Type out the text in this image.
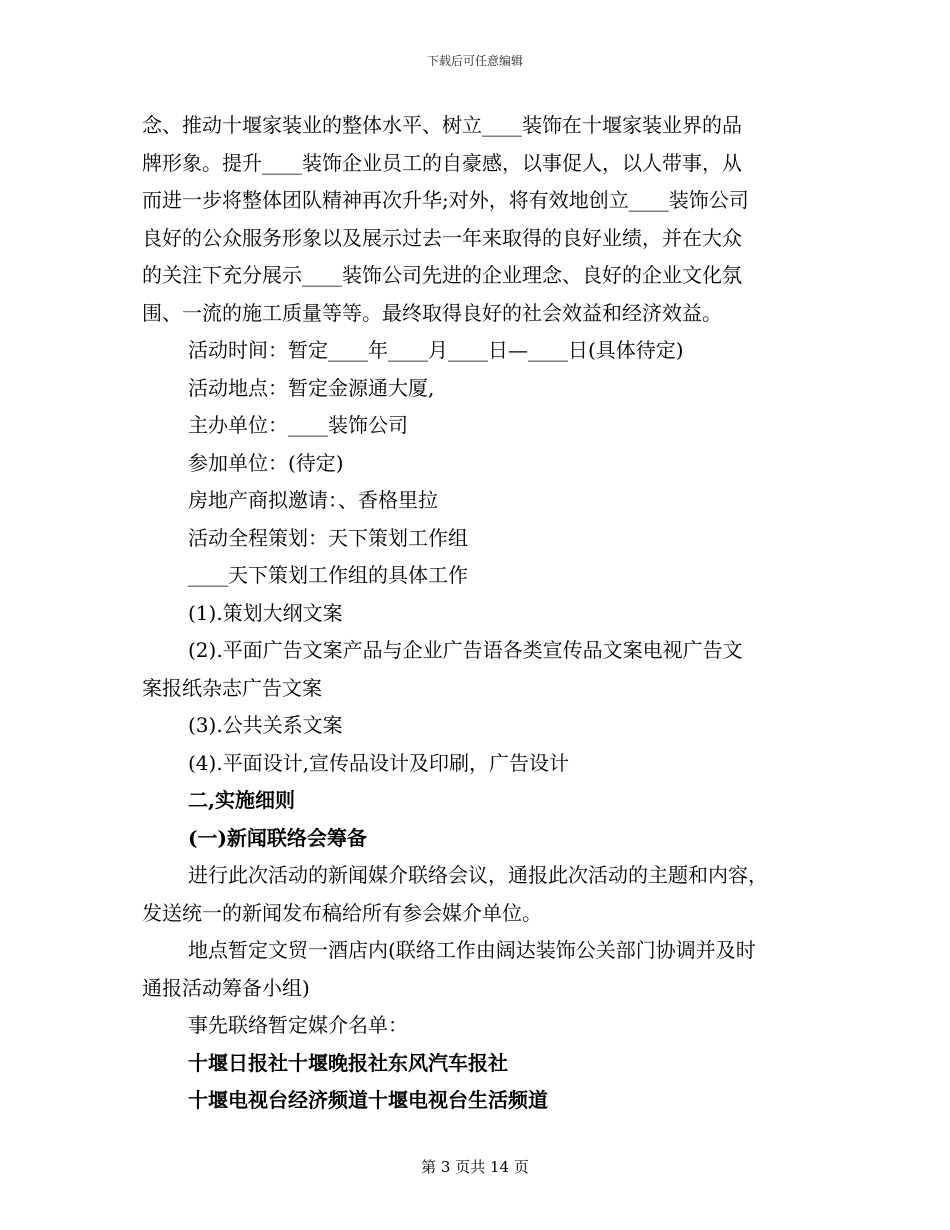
下载后可任意编辑
念、推动十堰家装业的整体水平、树立____装饰在十堰家装业界的品
牌形象。提升____装饰企业员工的自豪感，以事促人，以人带事，从
而进一步将整体团队精神再次升华;对外，将有效地创立____装饰公司
良好的公众服务形象以及展示过去一年来取得的良好业绩，并在大众
的关注下充分展示____装饰公司先进的企业理念、良好的企业文化氛
围、一流的施工质量等等。最终取得良好的社会效益和经济效益。
活动时间：暂定____年____月____日—____日(具体待定)
活动地点：暂定金源通大厦,
主办单位：____装饰公司
参加单位：(待定)
房地产商拟邀请：、香格里拉
活动全程策划：天下策划工作组
____天下策划工作组的具体工作
(1).策划大纲文案
(2).平面广告文案产品与企业广告语各类宣传品文案电视广告文
案报纸杂志广告文案
(3).公共关系文案
(4).平面设计,宣传品设计及印刷，广告设计
二,实施细则
(一)新闻联络会筹备
进行此次活动的新闻媒介联络会议，通报此次活动的主题和内容，
发送统一的新闻发布稿给所有参会媒介单位。
地点暂定文贸一酒店内(联络工作由阔达装饰公关部门协调并及时
通报活动筹备小组)
事先联络暂定媒介名单：
十堰日报社十堰晚报社东风汽车报社
十堰电视台经济频道十堰电视台生活频道
第 3 页共 14 页
